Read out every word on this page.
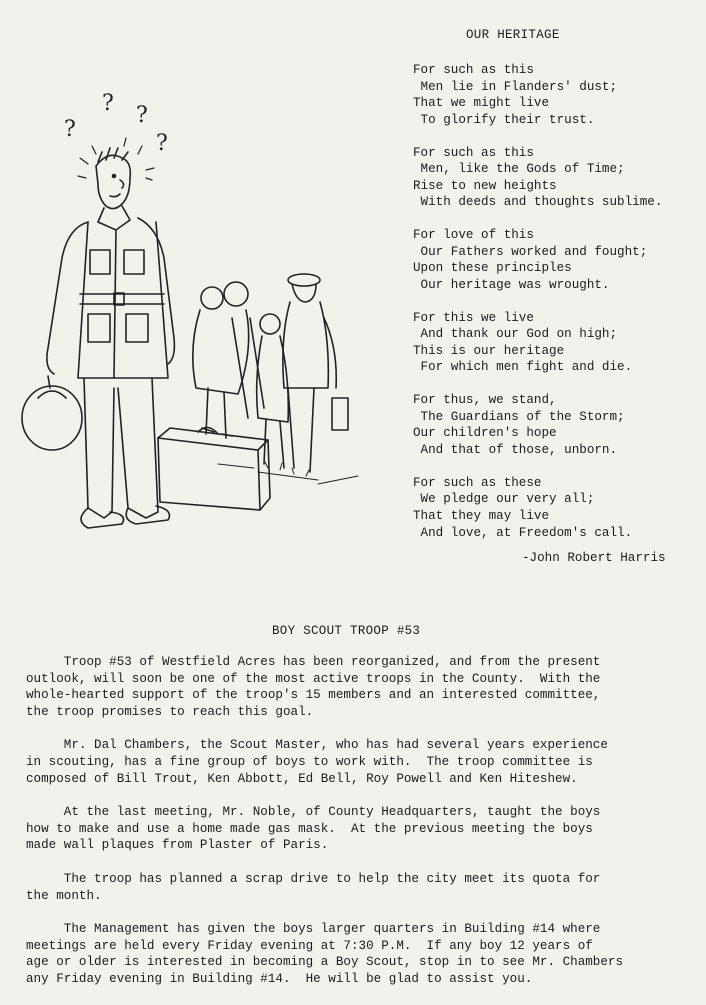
?
? ?
?
OUR HERITAGE
For such as this
Men lie in Flanders' dust;
That we might live
To glorify their trust.
For such as this
Men, like the Gods of Time;
Rise to new heights
With deeds and thoughts sublime.
For love of this
Our Fathers worked and fought;
Upon these principles
Our heritage was wrought.
For this we live
And thank our God on high;
This is our heritage
For which men fight and die.
For thus, we stand,
The Guardians of the Storm;
Our children's hope
And that of those, unborn.
For such as these
We pledge our very all;
That they may live
And love, at Freedom's call.
-John Robert Harris
BOY SCOUT TROOP #53
Troop #53 of Westfield Acres has been reorganized, and from the present
outlook, will soon be one of the most active troops in the County.  With the
whole-hearted support of the troop's 15 members and an interested committee,
the troop promises to reach this goal.
Mr. Dal Chambers, the Scout Master, who has had several years experience
in scouting, has a fine group of boys to work with.  The troop committee is
composed of Bill Trout, Ken Abbott, Ed Bell, Roy Powell and Ken Hiteshew.
At the last meeting, Mr. Noble, of County Headquarters, taught the boys
how to make and use a home made gas mask.  At the previous meeting the boys
made wall plaques from Plaster of Paris.
The troop has planned a scrap drive to help the city meet its quota for
the month.
The Management has given the boys larger quarters in Building #14 where
meetings are held every Friday evening at 7:30 P.M.  If any boy 12 years of
age or older is interested in becoming a Boy Scout, stop in to see Mr. Chambers
any Friday evening in Building #14.  He will be glad to assist you.
